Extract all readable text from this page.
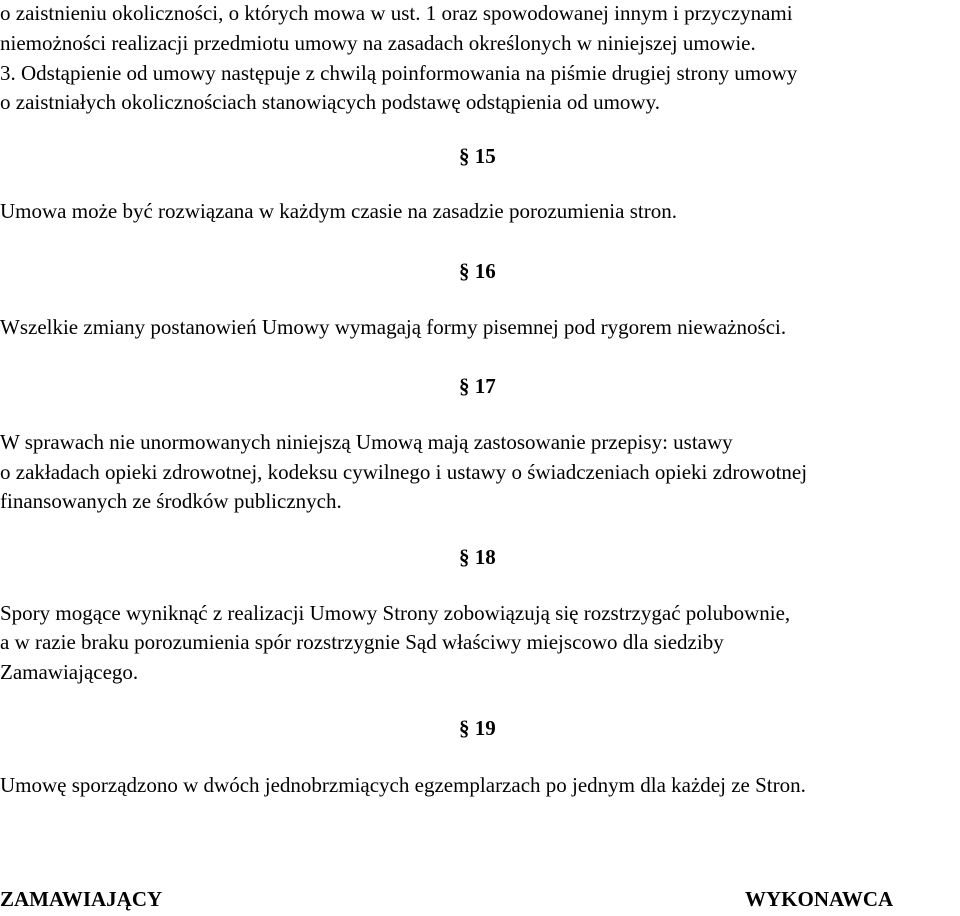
o zaistnieniu okoliczności, o których mowa w ust. 1 oraz spowodowanej innym i przyczynami
niemożności realizacji przedmiotu umowy na zasadach określonych w niniejszej umowie.
3. Odstąpienie od umowy następuje z chwilą poinformowania na piśmie drugiej strony umowy
o zaistniałych okolicznościach stanowiących podstawę odstąpienia od umowy.
§ 15
Umowa może być rozwiązana w każdym czasie na zasadzie porozumienia stron.
§ 16
Wszelkie zmiany postanowień Umowy wymagają formy pisemnej pod rygorem nieważności.
§ 17
W sprawach nie unormowanych niniejszą Umową mają zastosowanie przepisy: ustawy
o zakładach opieki zdrowotnej, kodeksu cywilnego i ustawy o świadczeniach opieki zdrowotnej
finansowanych ze środków publicznych.
§ 18
Spory mogące wyniknąć z realizacji Umowy Strony zobowiązują się rozstrzygać polubownie,
a w razie braku porozumienia spór rozstrzygnie Sąd właściwy miejscowo dla siedziby
Zamawiającego.
§ 19
Umowę sporządzono w dwóch jednobrzmiących egzemplarzach po jednym dla każdej ze Stron.
ZAMAWIAJĄCY	WYKONAWCA
